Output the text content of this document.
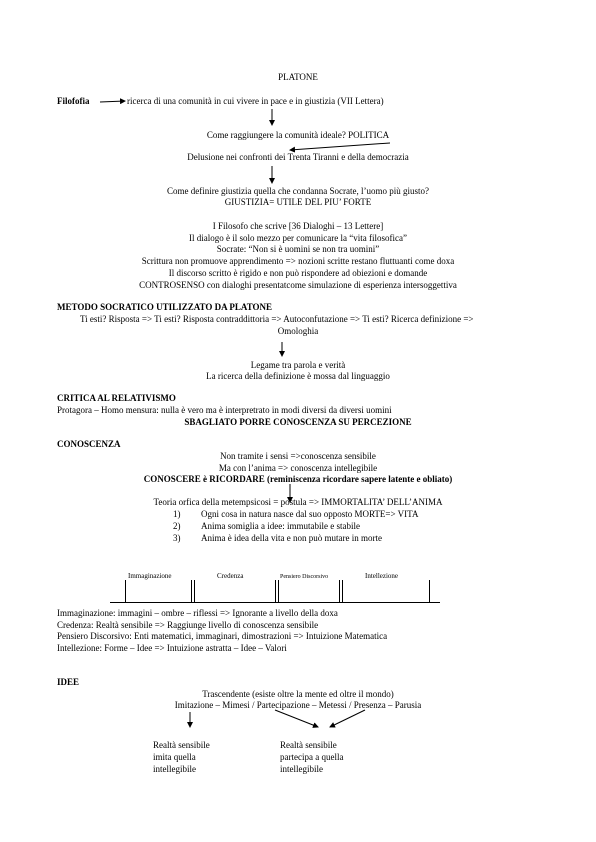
PLATONE
Filofofia	ricerca di una comunità in cui vivere in pace e in giustizia (VII Lettera)
Come raggiungere la comunità ideale? POLITICA
Delusione nei confronti dei Trenta Tiranni e della democrazia
Come definire giustizia quella che condanna Socrate, l’uomo più giusto?
GIUSTIZIA= UTILE DEL PIU’ FORTE
I Filosofo che scrive [36 Dialoghi – 13 Lettere]
Il dialogo è il solo mezzo per comunicare la “vita filosofica”
Socrate: “Non si è uomini se non tra uomini”
Scrittura non promuove apprendimento => nozioni scritte restano fluttuanti come doxa
Il discorso scritto è rigido e non può rispondere ad obiezioni e domande
CONTROSENSO con dialoghi presentatcome simulazione di esperienza intersoggettiva
METODO SOCRATICO UTILIZZATO DA PLATONE
Ti esti? Risposta => Ti esti? Risposta contraddittoria => Autoconfutazione => Ti esti? Ricerca definizione =>
Omologhia
Legame tra parola e verità
La ricerca della definizione è mossa dal linguaggio
CRITICA AL RELATIVISMO
Protagora – Homo mensura: nulla è vero ma è interpretrato in modi diversi da diversi uomini
SBAGLIATO PORRE CONOSCENZA SU PERCEZIONE
CONOSCENZA
Non tramite i sensi =>conoscenza sensibile
Ma con l’anima => conoscenza intellegibile
CONOSCERE è RICORDARE (reminiscenza ricordare sapere latente e obliato)
Teoria orfica della metempsicosi = postula => IMMORTALITA’ DELL’ANIMA
1) Ogni cosa in natura nasce dal suo opposto MORTE=> VITA
2) Anima somiglia a idee: immutabile e stabile
3) Anima è idea della vita e non può mutare in morte
Immaginazione	Credenza	Pensiero Discorsivo	Intellezione
Immaginazione: immagini – ombre – riflessi => Ignorante a livello della doxa
Credenza: Realtà sensibile => Raggiunge livello di conoscenza sensibile
Pensiero Discorsivo: Enti matematici, immaginari, dimostrazioni => Intuizione Matematica
Intellezione: Forme – Idee => Intuizione astratta – Idee – Valori
IDEE
Trascendente (esiste oltre la mente ed oltre il mondo)
Imitazione – Mimesi / Partecipazione – Metessi / Presenza – Parusia
Realtà sensibile
imita quella
intellegibile
Realtà sensibile
partecipa a quella
intellegibile
